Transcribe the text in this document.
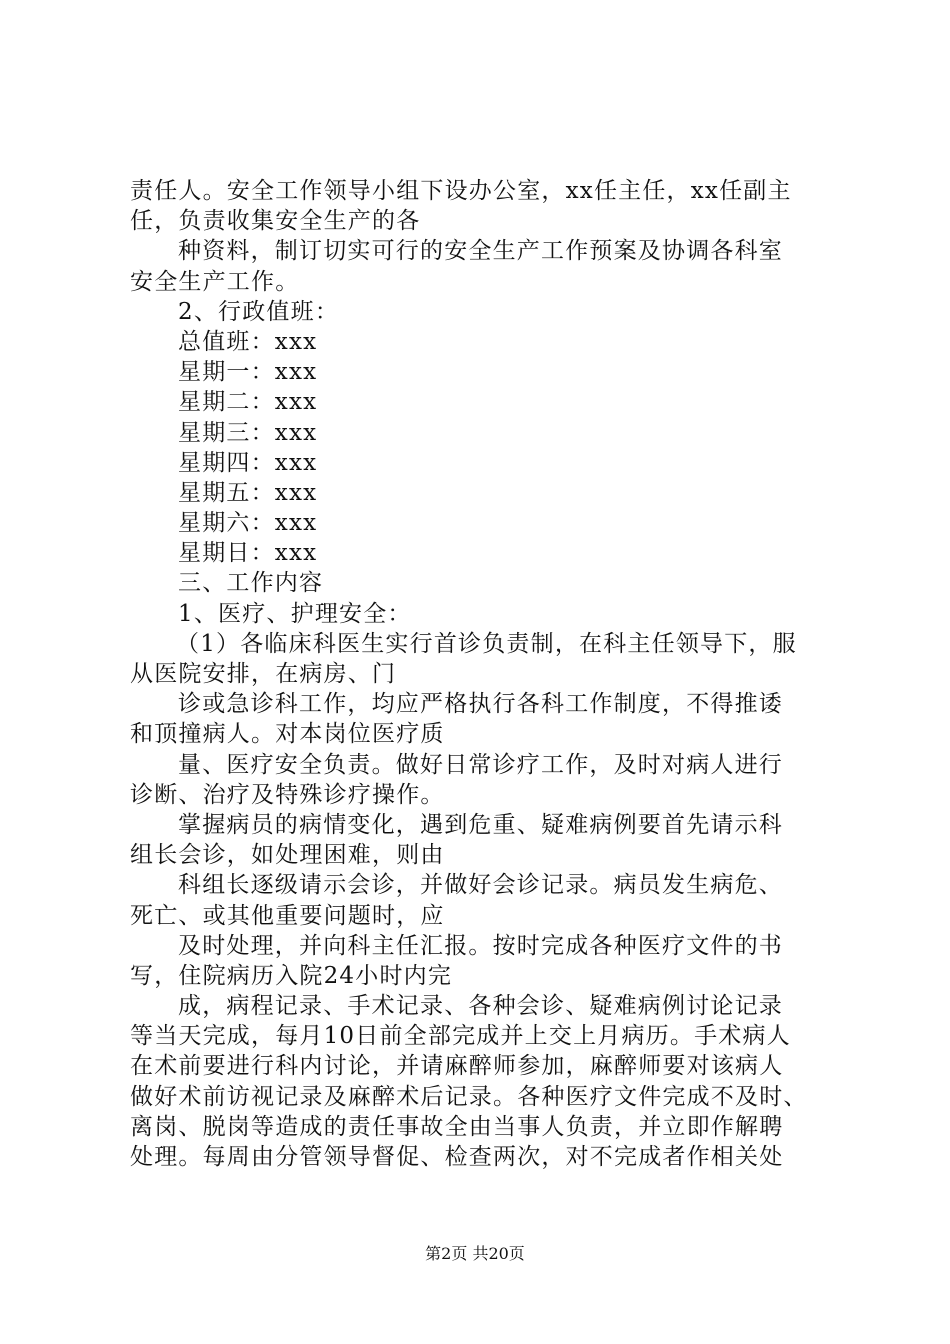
责任人。安全工作领导小组下设办公室，xx任主任，xx任副主
任，负责收集安全生产的各
种资料，制订切实可行的安全生产工作预案及协调各科室
安全生产工作。
2、行政值班：
总值班：xxx
星期一：xxx
星期二：xxx
星期三：xxx
星期四：xxx
星期五：xxx
星期六：xxx
星期日：xxx
三、工作内容
1、医疗、护理安全：
（1）各临床科医生实行首诊负责制，在科主任领导下，服
从医院安排，在病房、门
诊或急诊科工作，均应严格执行各科工作制度，不得推诿
和顶撞病人。对本岗位医疗质
量、医疗安全负责。做好日常诊疗工作，及时对病人进行
诊断、治疗及特殊诊疗操作。
掌握病员的病情变化，遇到危重、疑难病例要首先请示科
组长会诊，如处理困难，则由
科组长逐级请示会诊，并做好会诊记录。病员发生病危、
死亡、或其他重要问题时，应
及时处理，并向科主任汇报。按时完成各种医疗文件的书
写，住院病历入院24小时内完
成，病程记录、手术记录、各种会诊、疑难病例讨论记录
等当天完成，每月10日前全部完成并上交上月病历。手术病人
在术前要进行科内讨论，并请麻醉师参加，麻醉师要对该病人
做好术前访视记录及麻醉术后记录。各种医疗文件完成不及时、
离岗、脱岗等造成的责任事故全由当事人负责，并立即作解聘
处理。每周由分管领导督促、检查两次，对不完成者作相关处
第2页 共20页
